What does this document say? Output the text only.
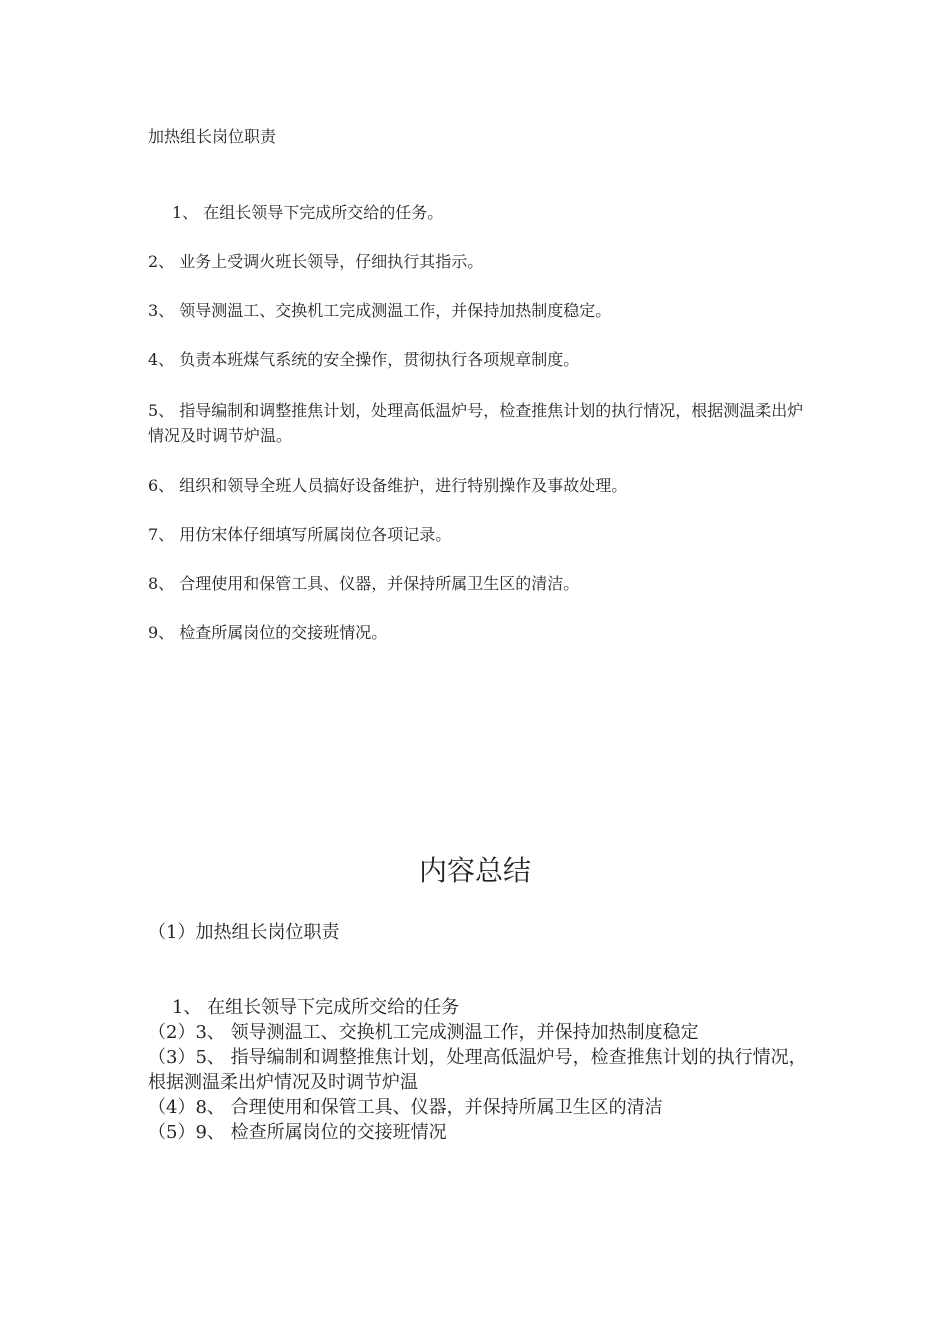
加热组长岗位职责
1、 在组长领导下完成所交给的任务。
2、 业务上受调火班长领导，仔细执行其指示。
3、 领导测温工、交换机工完成测温工作，并保持加热制度稳定。
4、 负责本班煤气系统的安全操作，贯彻执行各项规章制度。
5、 指导编制和调整推焦计划，处理高低温炉号，检查推焦计划的执行情况，根据测温柔出炉情况及时调节炉温。
6、 组织和领导全班人员搞好设备维护，进行特别操作及事故处理。
7、 用仿宋体仔细填写所属岗位各项记录。
8、 合理使用和保管工具、仪器，并保持所属卫生区的清洁。
9、 检查所属岗位的交接班情况。
内容总结
（1）加热组长岗位职责
1、 在组长领导下完成所交给的任务
（2）3、 领导测温工、交换机工完成测温工作，并保持加热制度稳定
（3）5、 指导编制和调整推焦计划，处理高低温炉号，检查推焦计划的执行情况，根据测温柔出炉情况及时调节炉温
（4）8、 合理使用和保管工具、仪器，并保持所属卫生区的清洁
（5）9、 检查所属岗位的交接班情况
